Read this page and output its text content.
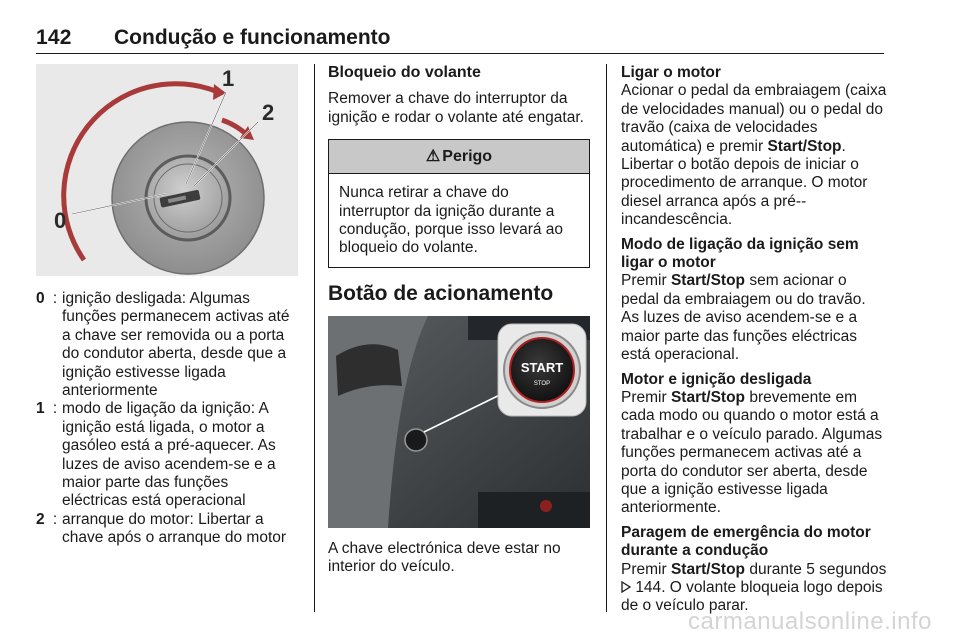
142 Condução e funcionamento
0
1
2
0 : ignição desligada: Algumas funções permanecem activas até a chave ser removida ou a porta do condutor aberta, desde que a ignição estivesse ligada anteriormente
1 : modo de ligação da ignição: A ignição está ligada, o motor a gasóleo está a pré-aquecer. As luzes de aviso acendem-se e a maior parte das funções eléctricas está operacional
2 : arranque do motor: Libertar a chave após o arranque do motor
Bloqueio do volante
Remover a chave do interruptor da ignição e rodar o volante até engatar.
⚠ Perigo
Nunca retirar a chave do interruptor da ignição durante a condução, porque isso levará ao bloqueio do volante.
Botão de acionamento
START
STOP
A chave electrónica deve estar no interior do veículo.
Ligar o motor
Acionar o pedal da embraiagem (caixa de velocidades manual) ou o pedal do travão (caixa de velocidades automática) e premir Start/Stop. Libertar o botão depois de iniciar o procedimento de arranque. O motor diesel arranca após a pré--incandescência.
Modo de ligação da ignição sem ligar o motor
Premir Start/Stop sem acionar o pedal da embraiagem ou do travão. As luzes de aviso acendem-se e a maior parte das funções eléctricas está operacional.
Motor e ignição desligada
Premir Start/Stop brevemente em cada modo ou quando o motor está a trabalhar e o veículo parado. Algumas funções permanecem activas até a porta do condutor ser aberta, desde que a ignição estivesse ligada anteriormente.
Paragem de emergência do motor durante a condução
Premir Start/Stop durante 5 segundos  144. O volante bloqueia logo depois de o veículo parar.
carmanualsonline.info
